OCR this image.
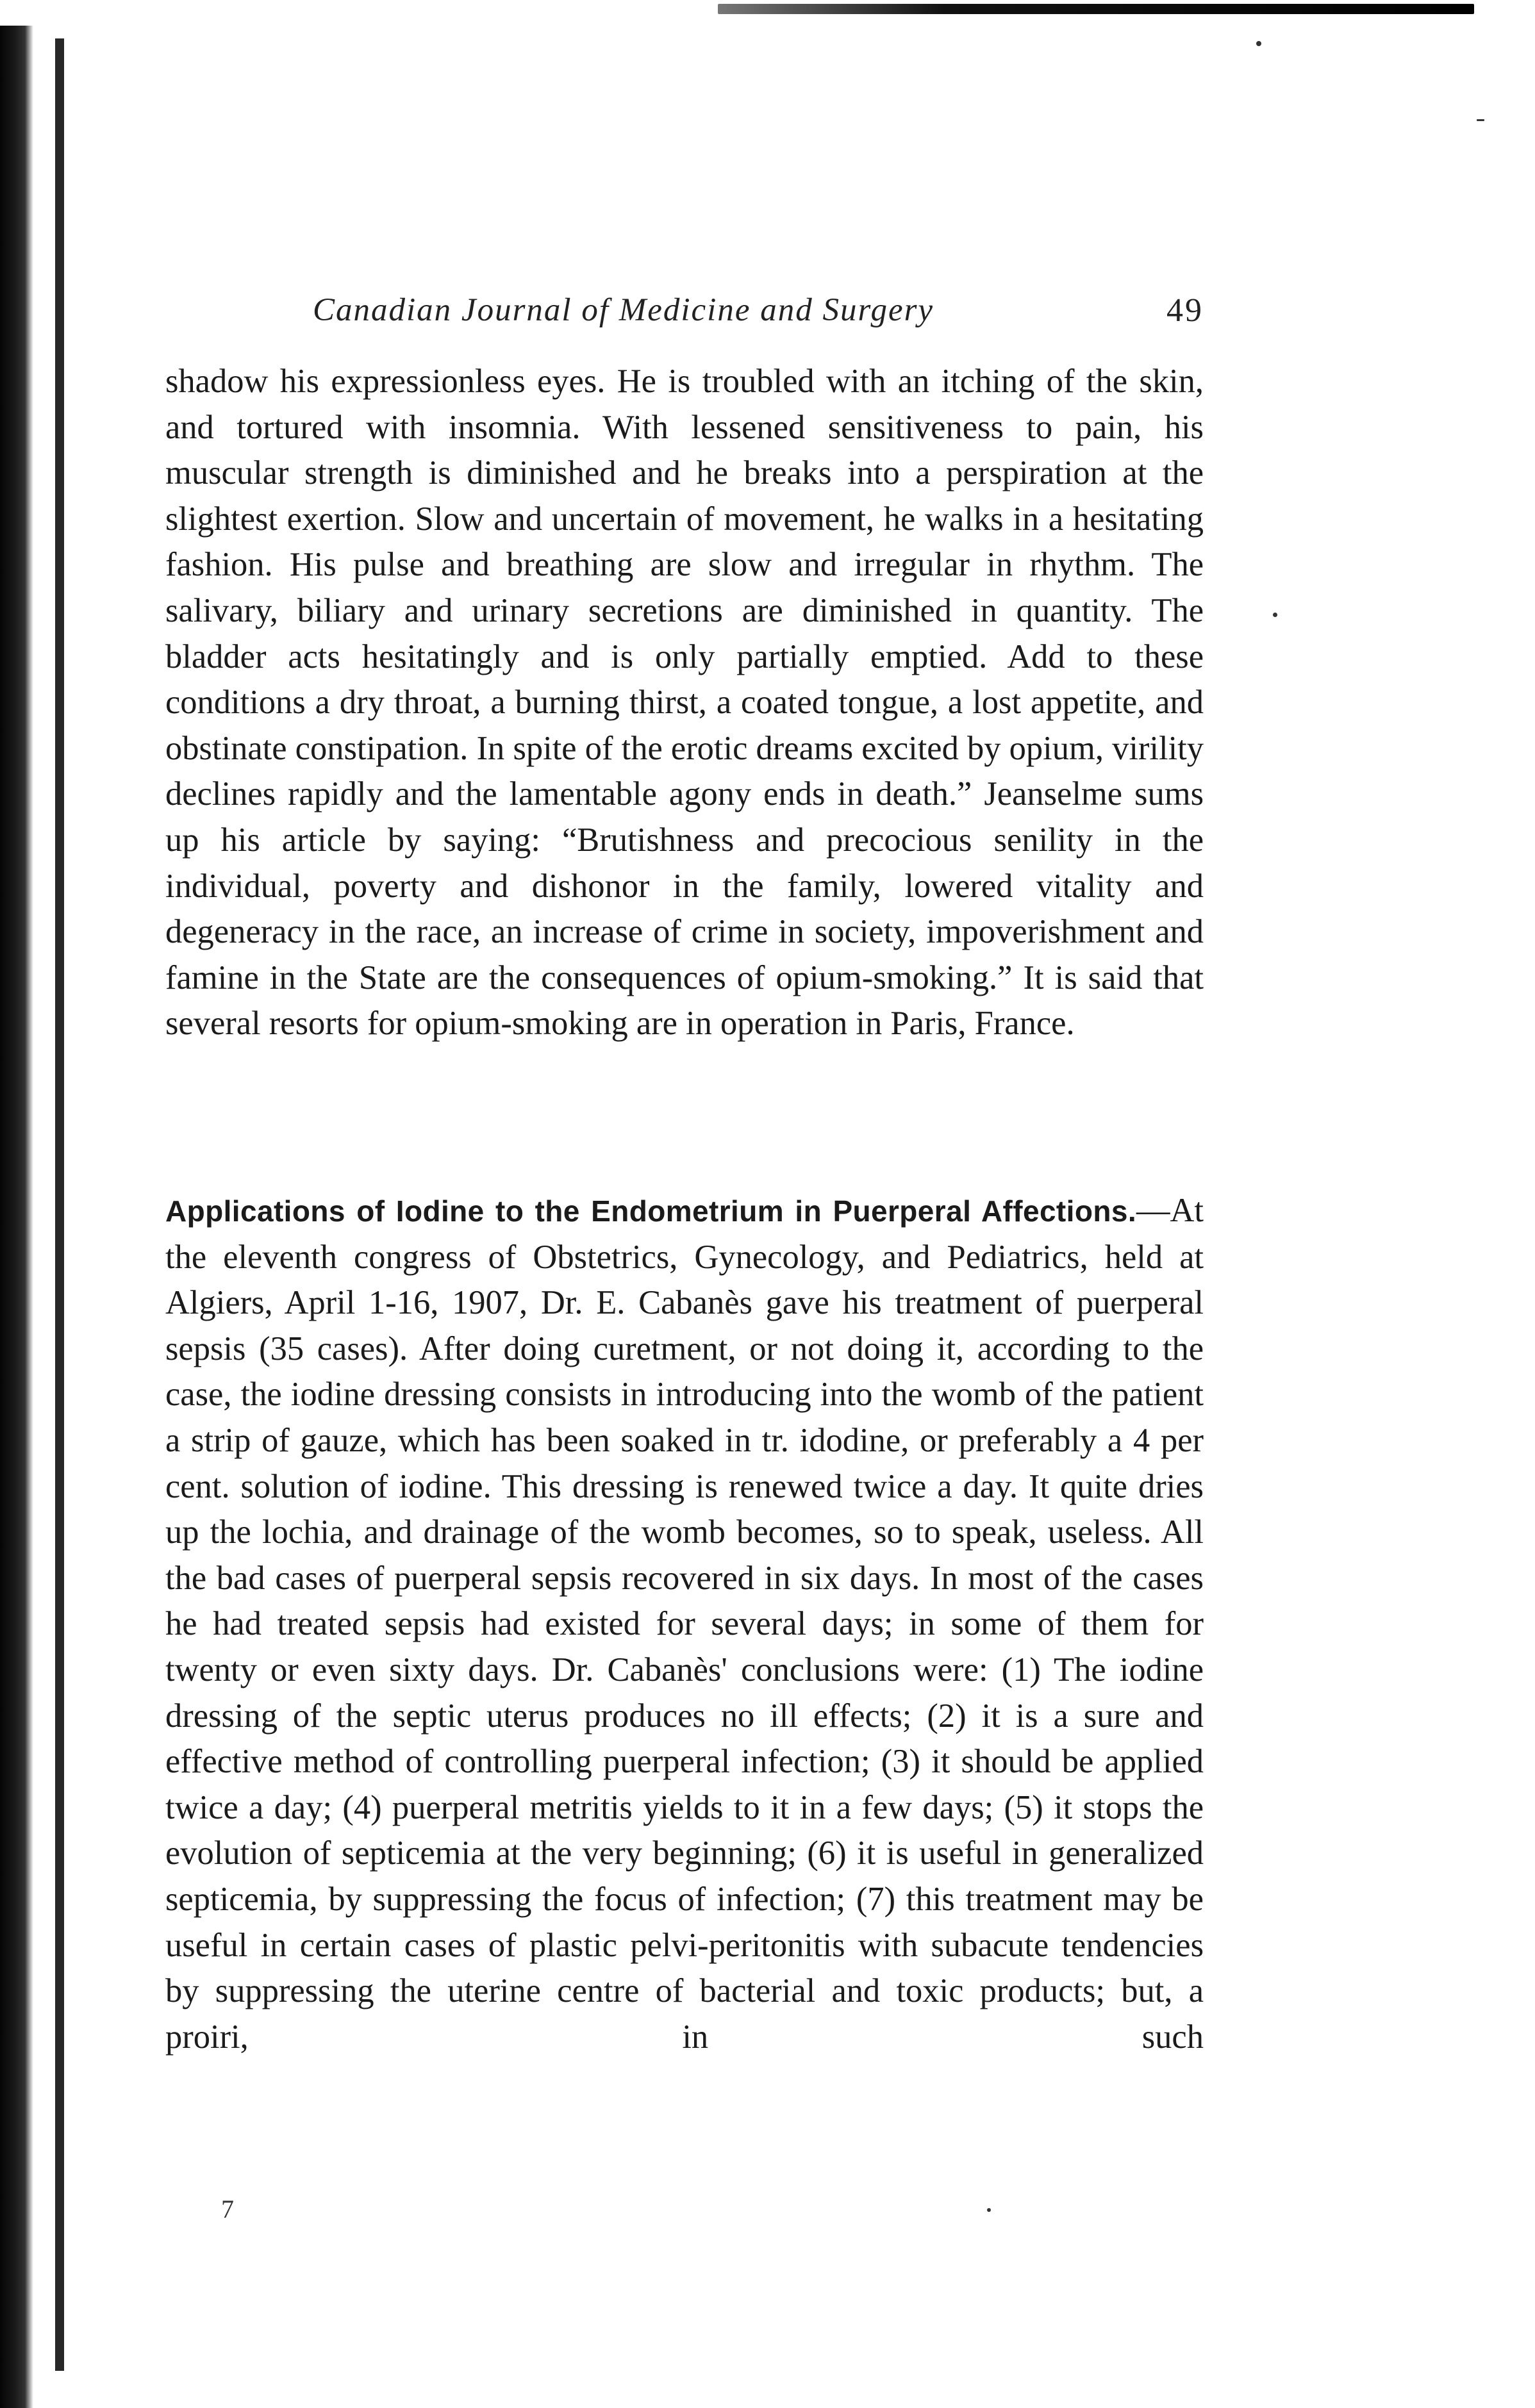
Canadian Journal of Medicine and Surgery	49

shadow his expressionless eyes. He is troubled with an itching of the skin, and tortured with insomnia. With lessened sensitiveness to pain, his muscular strength is diminished and he breaks into a perspiration at the slightest exertion. Slow and uncertain of movement, he walks in a hesitating fashion. His pulse and breathing are slow and irregular in rhythm. The salivary, biliary and urinary secretions are diminished in quantity. The bladder acts hesitatingly and is only partially emptied. Add to these conditions a dry throat, a burning thirst, a coated tongue, a lost appetite, and obstinate constipation. In spite of the erotic dreams excited by opium, virility declines rapidly and the lamentable agony ends in death.” Jeanselme sums up his article by saying: “Brutishness and precocious senility in the individual, poverty and dishonor in the family, lowered vitality and degeneracy in the race, an increase of crime in society, impoverishment and famine in the State are the consequences of opium-smoking.” It is said that several resorts for opium-smoking are in operation in Paris, France.

Applications of Iodine to the Endometrium in Puerperal Affections.—At the eleventh congress of Obstetrics, Gynecology, and Pediatrics, held at Algiers, April 1-16, 1907, Dr. E. Cabanès gave his treatment of puerperal sepsis (35 cases). After doing curetment, or not doing it, according to the case, the iodine dressing consists in introducing into the womb of the patient a strip of gauze, which has been soaked in tr. idodine, or preferably a 4 per cent. solution of iodine. This dressing is renewed twice a day. It quite dries up the lochia, and drainage of the womb becomes, so to speak, useless. All the bad cases of puerperal sepsis recovered in six days. In most of the cases he had treated sepsis had existed for several days; in some of them for twenty or even sixty days. Dr. Cabanès' conclusions were: (1) The iodine dressing of the septic uterus produces no ill effects; (2) it is a sure and effective method of controlling puerperal infection; (3) it should be applied twice a day; (4) puerperal metritis yields to it in a few days; (5) it stops the evolution of septicemia at the very beginning; (6) it is useful in generalized septicemia, by suppressing the focus of infection; (7) this treatment may be useful in certain cases of plastic pelvi-peritonitis with subacute tendencies by suppressing the uterine centre of bacterial and toxic products; but, a proiri, in such

7
